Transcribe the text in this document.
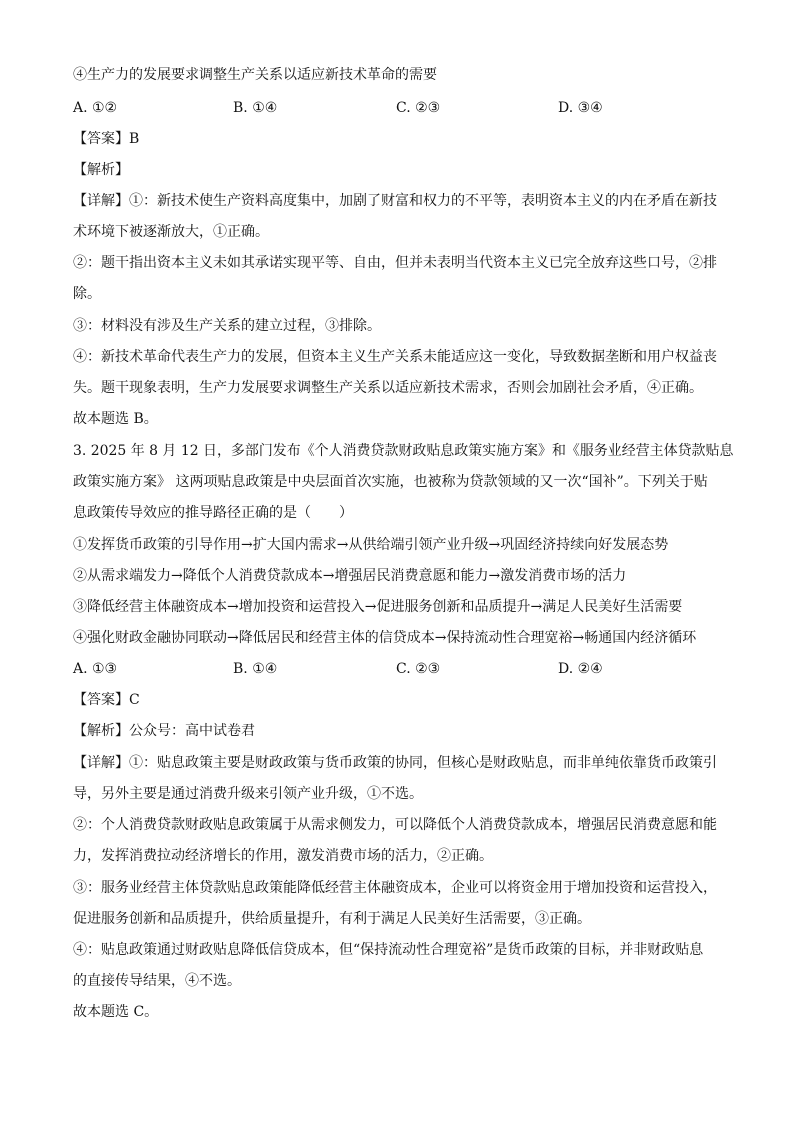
④生产力的发展要求调整生产关系以适应新技术革命的需要
A. ①②	B. ①④	C. ②③	D. ③④
【答案】B
【解析】
【详解】①：新技术使生产资料高度集中，加剧了财富和权力的不平等，表明资本主义的内在矛盾在新技
术环境下被逐渐放大，①正确。
②：题干指出资本主义未如其承诺实现平等、自由，但并未表明当代资本主义已完全放弃这些口号，②排
除。
③：材料没有涉及生产关系的建立过程，③排除。
④：新技术革命代表生产力的发展，但资本主义生产关系未能适应这一变化，导致数据垄断和用户权益丧
失。题干现象表明，生产力发展要求调整生产关系以适应新技术需求，否则会加剧社会矛盾，④正确。
故本题选 B。
3. 2025 年 8 月 12 日，多部门发布《个人消费贷款财政贴息政策实施方案》和《服务业经营主体贷款贴息
政策实施方案》 这两项贴息政策是中央层面首次实施，也被称为贷款领域的又一次“国补”。下列关于贴
息政策传导效应的推导路径正确的是（　　）
①发挥货币政策的引导作用→扩大国内需求→从供给端引领产业升级→巩固经济持续向好发展态势
②从需求端发力→降低个人消费贷款成本→增强居民消费意愿和能力→激发消费市场的活力
③降低经营主体融资成本→增加投资和运营投入→促进服务创新和品质提升→满足人民美好生活需要
④强化财政金融协同联动→降低居民和经营主体的信贷成本→保持流动性合理宽裕→畅通国内经济循环
A. ①③	B. ①④	C. ②③	D. ②④
【答案】C
【解析】公众号：高中试卷君
【详解】①：贴息政策主要是财政政策与货币政策的协同，但核心是财政贴息，而非单纯依靠货币政策引
导，另外主要是通过消费升级来引领产业升级，①不选。
②：个人消费贷款财政贴息政策属于从需求侧发力，可以降低个人消费贷款成本，增强居民消费意愿和能
力，发挥消费拉动经济增长的作用，激发消费市场的活力，②正确。
③：服务业经营主体贷款贴息政策能降低经营主体融资成本，企业可以将资金用于增加投资和运营投入，
促进服务创新和品质提升，供给质量提升，有利于满足人民美好生活需要，③正确。
④：贴息政策通过财政贴息降低信贷成本，但“保持流动性合理宽裕”是货币政策的目标，并非财政贴息
的直接传导结果，④不选。
故本题选 C。
